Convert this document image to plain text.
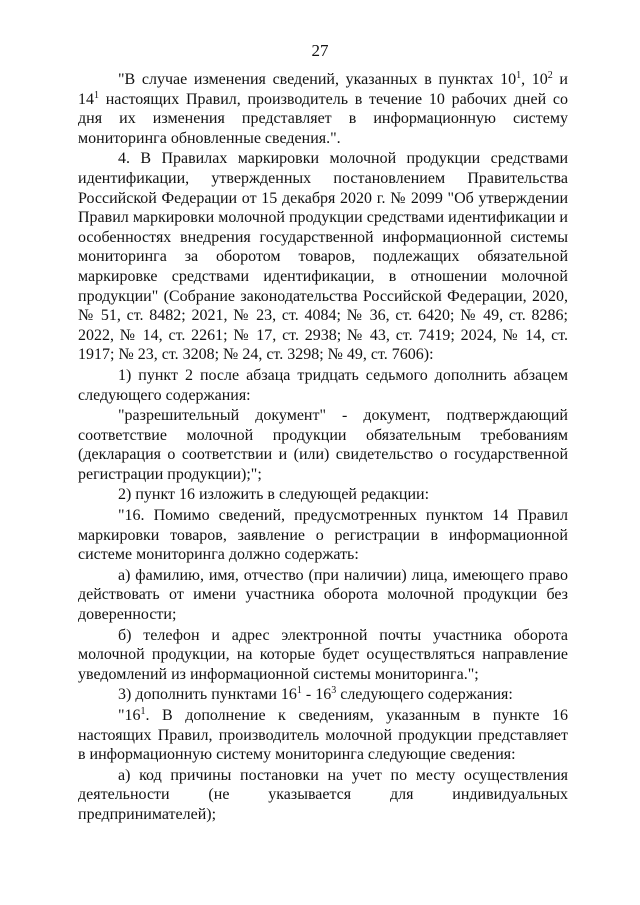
27

"В случае изменения сведений, указанных в пунктах $10^1$, $10^2$ и $14^1$ настоящих Правил, производитель в течение 10 рабочих дней со дня их изменения представляет в информационную систему мониторинга обновленные сведения.".

4. В Правилах маркировки молочной продукции средствами идентификации, утвержденных постановлением Правительства Российской Федерации от 15 декабря 2020 г. № 2099 "Об утверждении Правил маркировки молочной продукции средствами идентификации и особенностях внедрения государственной информационной системы мониторинга за оборотом товаров, подлежащих обязательной маркировке средствами идентификации, в отношении молочной продукции" (Собрание законодательства Российской Федерации, 2020, № 51, ст. 8482; 2021, № 23, ст. 4084; № 36, ст. 6420; № 49, ст. 8286; 2022, № 14, ст. 2261; № 17, ст. 2938; № 43, ст. 7419; 2024, № 14, ст. 1917; № 23, ст. 3208; № 24, ст. 3298; № 49, ст. 7606):

1) пункт 2 после абзаца тридцать седьмого дополнить абзацем следующего содержания:

"разрешительный документ" - документ, подтверждающий соответствие молочной продукции обязательным требованиям (декларация о соответствии и (или) свидетельство о государственной регистрации продукции);";

2) пункт 16 изложить в следующей редакции:

"16. Помимо сведений, предусмотренных пунктом 14 Правил маркировки товаров, заявление о регистрации в информационной системе мониторинга должно содержать:

а) фамилию, имя, отчество (при наличии) лица, имеющего право действовать от имени участника оборота молочной продукции без доверенности;

б) телефон и адрес электронной почты участника оборота молочной продукции, на которые будет осуществляться направление уведомлений из информационной системы мониторинга.";

3) дополнить пунктами $16^1 - 16^3$ следующего содержания:

"$16^1$. В дополнение к сведениям, указанным в пункте 16 настоящих Правил, производитель молочной продукции представляет в информационную систему мониторинга следующие сведения:

а) код причины постановки на учет по месту осуществления деятельности (не указывается для индивидуальных предпринимателей);
